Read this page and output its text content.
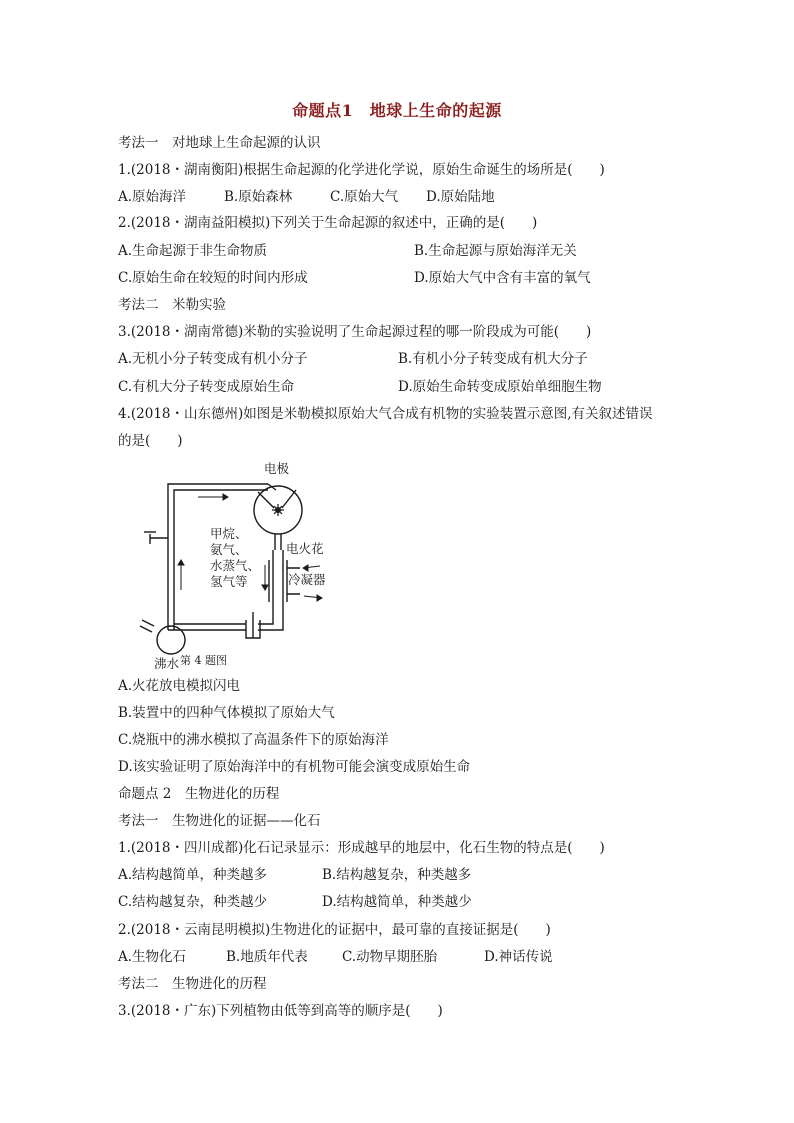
命题点1　地球上生命的起源
考法一　对地球上生命起源的认识
1.(2018・湖南衡阳)根据生命起源的化学进化学说，原始生命诞生的场所是(　　)
A.原始海洋	B.原始森林	C.原始大气 D.原始陆地
2.(2018・湖南益阳模拟)下列关于生命起源的叙述中，正确的是(　　)
A.生命起源于非生命物质	B.生命起源与原始海洋无关
C.原始生命在较短的时间内形成	D.原始大气中含有丰富的氧气
考法二　米勒实验
3.(2018・湖南常德)米勒的实验说明了生命起源过程的哪一阶段成为可能(　　)
A.无机小分子转变成有机小分子	B.有机小分子转变成有机大分子
C.有机大分子转变成原始生命	D.原始生命转变成原始单细胞生物
4.(2018・山东德州)如图是米勒模拟原始大气合成有机物的实验装置示意图,有关叙述错误
的是(　　)
电极
电火花
甲烷、
氨气、
水蒸气、
氢气等	冷凝器
沸水 第 4 题图
A.火花放电模拟闪电
B.装置中的四种气体模拟了原始大气
C.烧瓶中的沸水模拟了高温条件下的原始海洋
D.该实验证明了原始海洋中的有机物可能会演变成原始生命
命题点 2　生物进化的历程
考法一　生物进化的证据——化石
1.(2018・四川成都)化石记录显示：形成越早的地层中，化石生物的特点是(　　)
A.结构越简单，种类越多	B.结构越复杂，种类越多
C.结构越复杂，种类越少	D.结构越简单，种类越少
2.(2018・云南昆明模拟)生物进化的证据中，最可靠的直接证据是(　　)
A.生物化石	B.地质年代表	C.动物早期胚胎	D.神话传说
考法二　生物进化的历程
3.(2018・广东)下列植物由低等到高等的顺序是(　　)
